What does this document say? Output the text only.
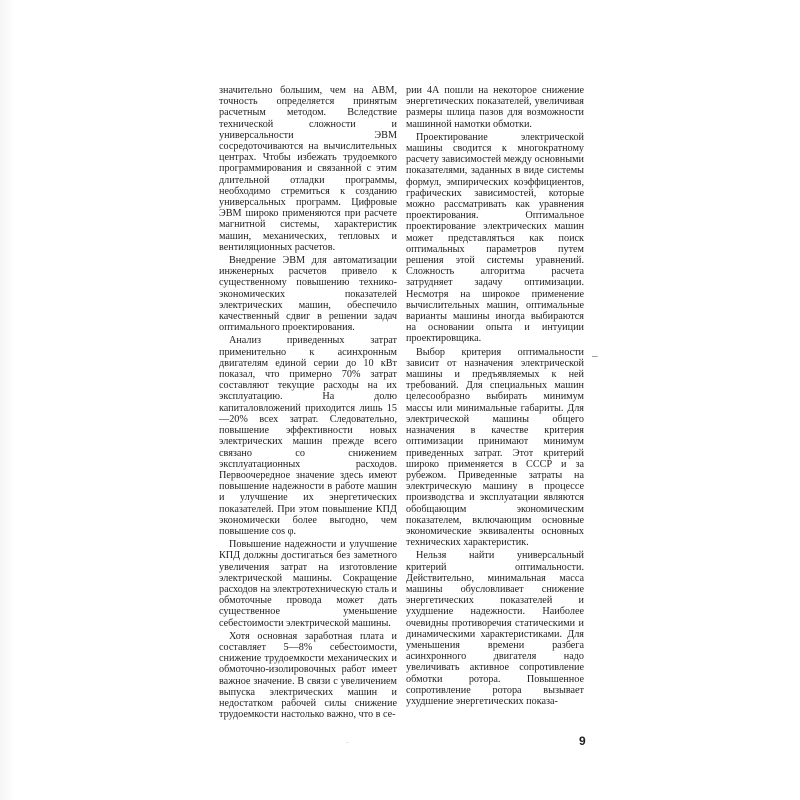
значительно большим, чем на АВМ, точность определяется принятым расчетным методом. Вследствие технической сложности и универсальности ЭВМ сосредоточиваются на вычислительных центрах. Чтобы избежать трудоемкого программирования и связанной с этим длительной отладки программы, необходимо стремиться к созданию универсальных программ. Цифровые ЭВМ широко применяются при расчете магнитной системы, характеристик машин, механических, тепловых и вентиляционных расчетов.

Внедрение ЭВМ для автоматизации инженерных расчетов привело к существенному повышению технико-экономических показателей электрических машин, обеспечило качественный сдвиг в решении задач оптимального проектирования.

Анализ приведенных затрат применительно к асинхронным двигателям единой серии до 10 кВт показал, что примерно 70% затрат составляют текущие расходы на их эксплуатацию. На долю капиталовложений приходится лишь 15—20% всех затрат. Следовательно, повышение эффективности новых электрических машин прежде всего связано со снижением эксплуатационных расходов. Первоочередное значение здесь имеют повышение надежности в работе машин и улучшение их энергетических показателей. При этом повышение КПД экономически более выгодно, чем повышение cos φ.

Повышение надежности и улучшение КПД должны достигаться без заметного увеличения затрат на изготовление электрической машины. Сокращение расходов на электротехническую сталь и обмоточные провода может дать существенное уменьшение себестоимости электрической машины.

Хотя основная заработная плата и составляет 5—8% себестоимости, снижение трудоемкости механических и обмоточно-изолировочных работ имеет важное значение. В связи с увеличением выпуска электрических машин и недостатком рабочей силы снижение трудоемкости настолько важно, что в се-

рии 4А пошли на некоторое снижение энергетических показателей, увеличивая размеры шлица пазов для возможности машинной намотки обмотки.

Проектирование электрической машины сводится к многократному расчету зависимостей между основными показателями, заданных в виде системы формул, эмпирических коэффициентов, графических зависимостей, которые можно рассматривать как уравнения проектирования. Оптимальное проектирование электрических машин может представляться как поиск оптимальных параметров путем решения этой системы уравнений. Сложность алгоритма расчета затрудняет задачу оптимизации. Несмотря на широкое применение вычислительных машин, оптимальные варианты машины иногда выбираются на основании опыта и интуиции проектировщика.

Выбор критерия оптимальности зависит от назначения электрической машины и предъявляемых к ней требований. Для специальных машин целесообразно выбирать минимум массы или минимальные габариты. Для электрической машины общего назначения в качестве критерия оптимизации принимают минимум приведенных затрат. Этот критерий широко применяется в СССР и за рубежом. Приведенные затраты на электрическую машину в процессе производства и эксплуатации являются обобщающим экономическим показателем, включающим основные экономические эквиваленты основных технических характеристик.

Нельзя найти универсальный критерий оптимальности. Действительно, минимальная масса машины обусловливает снижение энергетических показателей и ухудшение надежности. Наиболее очевидны противоречия статическими и динамическими характеристиками. Для уменьшения времени разбега асинхронного двигателя надо увеличивать активное сопротивление обмотки ротора. Повышенное сопротивление ротора вызывает ухудшение энергетических показа-

–
·	9
